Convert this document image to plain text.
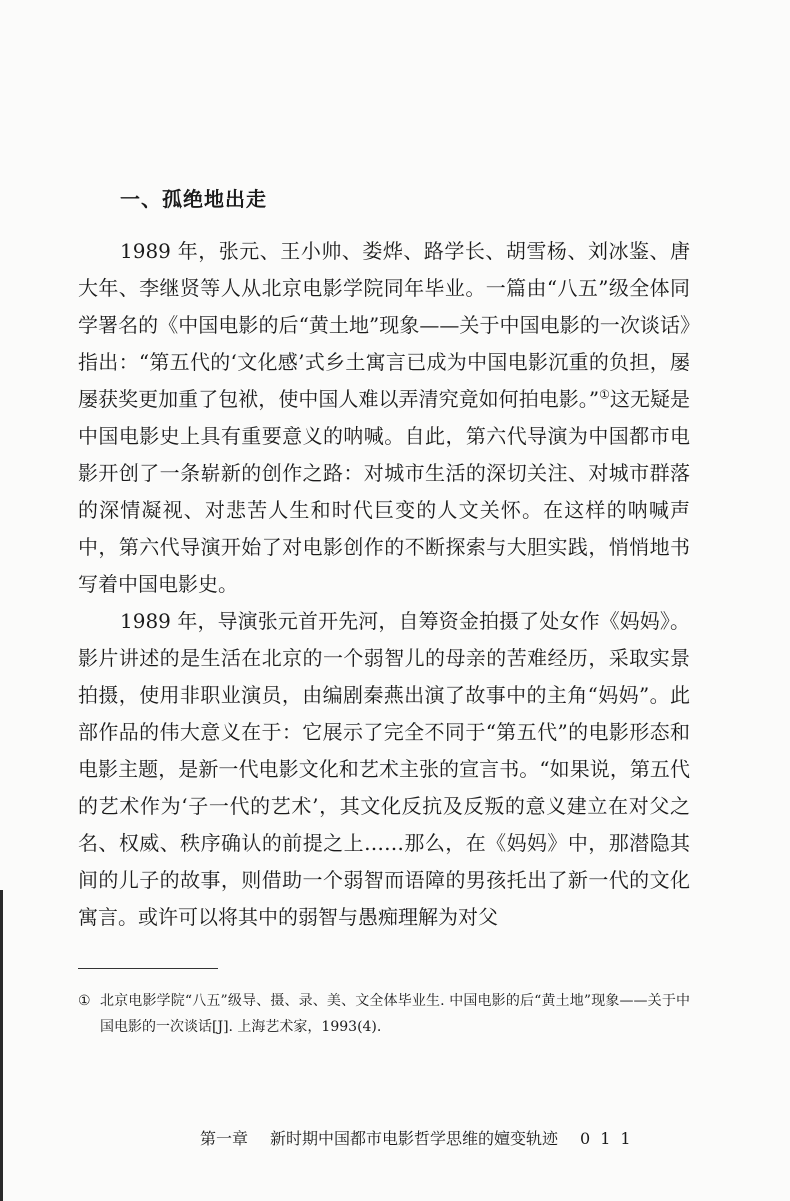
一、孤绝地出走

1989 年，张元、王小帅、娄烨、路学长、胡雪杨、刘冰鉴、唐大年、李继贤等人从北京电影学院同年毕业。一篇由“八五”级全体同学署名的《中国电影的后“黄土地”现象——关于中国电影的一次谈话》指出：“第五代的‘文化感’式乡土寓言已成为中国电影沉重的负担，屡屡获奖更加重了包袱，使中国人难以弄清究竟如何拍电影。”①这无疑是中国电影史上具有重要意义的呐喊。自此，第六代导演为中国都市电影开创了一条崭新的创作之路：对城市生活的深切关注、对城市群落的深情凝视、对悲苦人生和时代巨变的人文关怀。在这样的呐喊声中，第六代导演开始了对电影创作的不断探索与大胆实践，悄悄地书写着中国电影史。

1989 年，导演张元首开先河，自筹资金拍摄了处女作《妈妈》。影片讲述的是生活在北京的一个弱智儿的母亲的苦难经历，采取实景拍摄，使用非职业演员，由编剧秦燕出演了故事中的主角“妈妈”。此部作品的伟大意义在于：它展示了完全不同于“第五代”的电影形态和电影主题，是新一代电影文化和艺术主张的宣言书。“如果说，第五代的艺术作为‘子一代的艺术’，其文化反抗及反叛的意义建立在对父之名、权威、秩序确认的前提之上……那么，在《妈妈》中，那潜隐其间的儿子的故事，则借助一个弱智而语障的男孩托出了新一代的文化寓言。或许可以将其中的弱智与愚痴理解为对父

① 北京电影学院“八五”级导、摄、录、美、文全体毕业生. 中国电影的后“黄土地”现象——关于中国电影的一次谈话[J]. 上海艺术家，1993(4).
第一章 新时期中国都市电影哲学思维的嬗变轨迹 011
